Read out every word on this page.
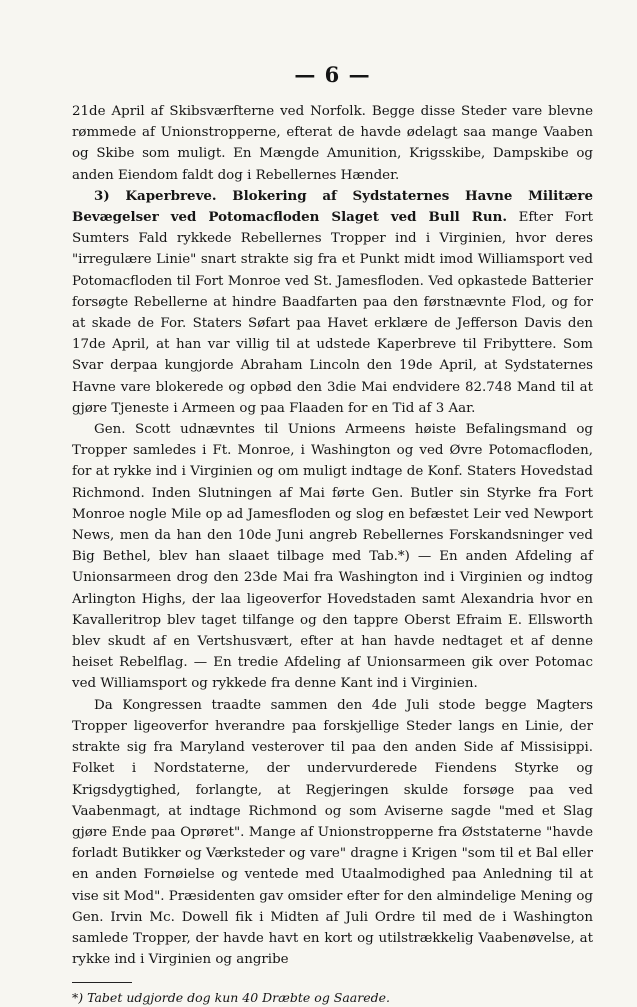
— 6 —

21de April af Skibsværfterne ved Norfolk. Begge disse Steder vare blevne rømmede af Unionstropperne, efterat de havde ødelagt saa mange Vaaben og Skibe som muligt. En Mængde Amunition, Krigsskibe, Dampskibe og anden Eiendom faldt dog i Rebellernes Hænder.

3) Kaperbreve. Blokering af Sydstaternes Havne Militære Bevægelser ved Potomacfloden Slaget ved Bull Run. Efter Fort Sumters Fald rykkede Rebellernes Tropper ind i Virginien, hvor deres "irregulære Linie" snart strakte sig fra et Punkt midt imod Williamsport ved Potomacfloden til Fort Monroe ved St. Jamesfloden. Ved opkastede Batterier forsøgte Rebellerne at hindre Baadfarten paa den førstnævnte Flod, og for at skade de For. Staters Søfart paa Havet erklære de Jefferson Davis den 17de April, at han var villig til at udstede Kaperbreve til Fribyttere. Som Svar derpaa kungjorde Abraham Lincoln den 19de April, at Sydstaternes Havne vare blokerede og opbød den 3die Mai endvidere 82.748 Mand til at gjøre Tjeneste i Armeen og paa Flaaden for en Tid af 3 Aar.

Gen. Scott udnævntes til Unions Armeens høiste Befalingsmand og Tropper samledes i Ft. Monroe, i Washington og ved Øvre Potomacfloden, for at rykke ind i Virginien og om muligt indtage de Konf. Staters Hovedstad Richmond. Inden Slutningen af Mai førte Gen. Butler sin Styrke fra Fort Monroe nogle Mile op ad Jamesfloden og slog en befæstet Leir ved Newport News, men da han den 10de Juni angreb Rebellernes Forskandsninger ved Big Bethel, blev han slaaet tilbage med Tab.*) — En anden Afdeling af Unionsarmeen drog den 23de Mai fra Washington ind i Virginien og indtog Arlington Highs, der laa ligeoverfor Hovedstaden samt Alexandria hvor en Kavalleritrop blev taget tilfange og den tappre Oberst Efraim E. Ellsworth blev skudt af en Vertshusvært, efter at han havde nedtaget et af denne heiset Rebelflag. — En tredie Afdeling af Unionsarmeen gik over Potomac ved Williamsport og rykkede fra denne Kant ind i Virginien.

Da Kongressen traadte sammen den 4de Juli stode begge Magters Tropper ligeoverfor hverandre paa forskjellige Steder langs en Linie, der strakte sig fra Maryland vesterover til paa den anden Side af Missisippi. Folket i Nordstaterne, der undervurderede Fiendens Styrke og Krigsdygtighed, forlangte, at Regjeringen skulde forsøge paa ved Vaabenmagt, at indtage Richmond og som Aviserne sagde "med et Slag gjøre Ende paa Oprøret". Mange af Unionstropperne fra Øststaterne "havde forladt Butikker og Værksteder og vare" dragne i Krigen "som til et Bal eller en anden Fornøielse og ventede med Utaalmodighed paa Anledning til at vise sit Mod". Præsidenten gav omsider efter for den almindelige Mening og Gen. Irvin Mc. Dowell fik i Midten af Juli Ordre til med de i Washington samlede Tropper, der havde havt en kort og utilstrækkelig Vaabenøvelse, at rykke ind i Virginien og angribe

*) Tabet udgjorde dog kun 40 Dræbte og Saarede.
